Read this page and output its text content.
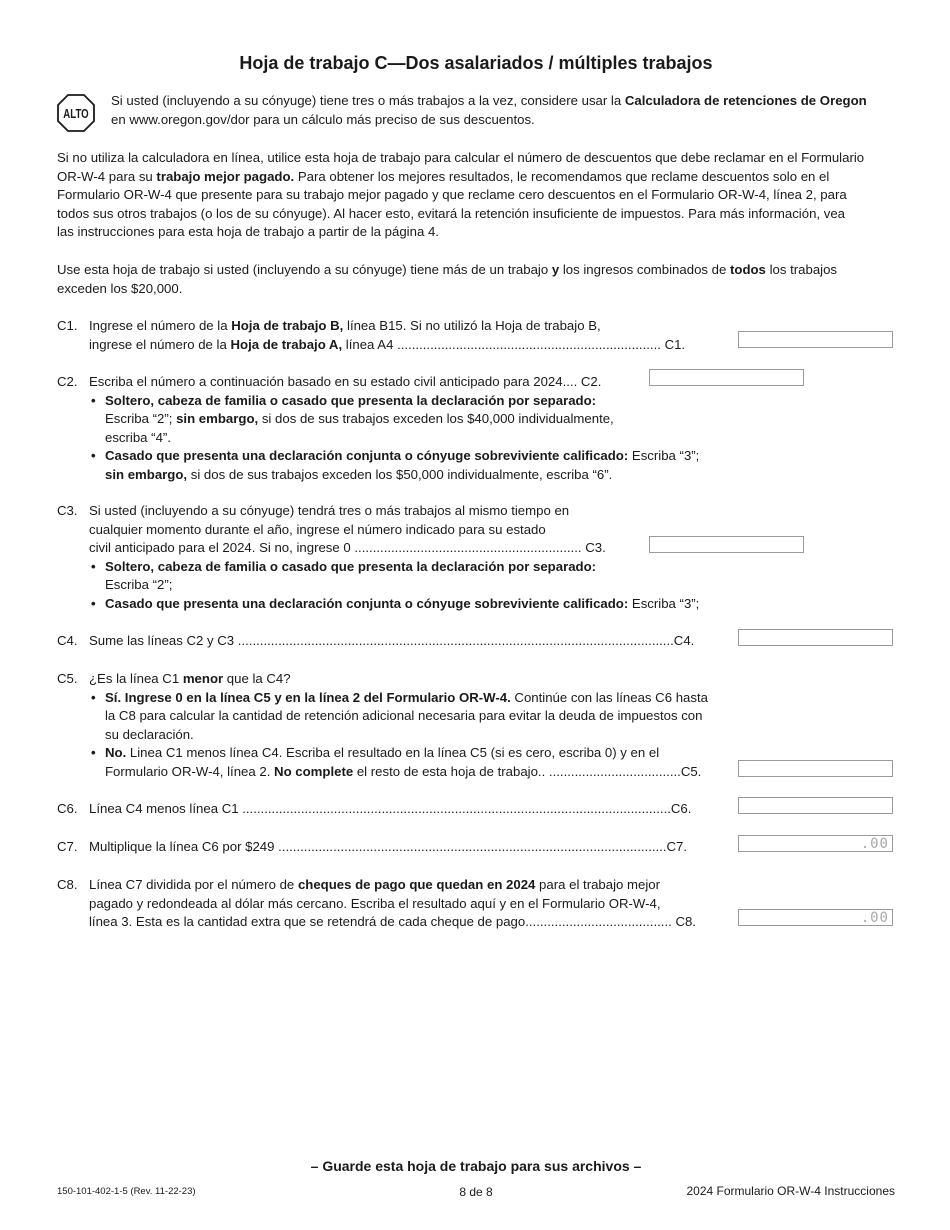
Hoja de trabajo C—Dos asalariados / múltiples trabajos
ALTO
Si usted (incluyendo a su cónyuge) tiene tres o más trabajos a la vez, considere usar la Calculadora de retenciones de Oregon
en www.oregon.gov/dor para un cálculo más preciso de sus descuentos.
Si no utiliza la calculadora en línea, utilice esta hoja de trabajo para calcular el número de descuentos que debe reclamar en el Formulario
OR-W-4 para su trabajo mejor pagado. Para obtener los mejores resultados, le recomendamos que reclame descuentos solo en el
Formulario OR-W-4 que presente para su trabajo mejor pagado y que reclame cero descuentos en el Formulario OR-W-4, línea 2, para
todos sus otros trabajos (o los de su cónyuge). Al hacer esto, evitará la retención insuficiente de impuestos. Para más información, vea
las instrucciones para esta hoja de trabajo a partir de la página 4.
Use esta hoja de trabajo si usted (incluyendo a su cónyuge) tiene más de un trabajo y los ingresos combinados de todos los trabajos
exceden los $20,000.
C1. Ingrese el número de la Hoja de trabajo B, línea B15. Si no utilizó la Hoja de trabajo B,
ingrese el número de la Hoja de trabajo A, línea A4 ........................................................................ C1.
C2. Escriba el número a continuación basado en su estado civil anticipado para 2024.... C2.
• Soltero, cabeza de familia o casado que presenta la declaración por separado:
Escriba “2”; sin embargo, si dos de sus trabajos exceden los $40,000 individualmente,
escriba “4”.
• Casado que presenta una declaración conjunta o cónyuge sobreviviente calificado: Escriba “3”;
sin embargo, si dos de sus trabajos exceden los $50,000 individualmente, escriba “6”.
C3. Si usted (incluyendo a su cónyuge) tendrá tres o más trabajos al mismo tiempo en
cualquier momento durante el año, ingrese el número indicado para su estado
civil anticipado para el 2024. Si no, ingrese 0 .............................................................. C3.
• Soltero, cabeza de familia o casado que presenta la declaración por separado:
Escriba “2”;
• Casado que presenta una declaración conjunta o cónyuge sobreviviente calificado: Escriba “3”;
C4. Sume las líneas C2 y C3 .......................................................................................................................C4.
C5. ¿Es la línea C1 menor que la C4?
• Sí. Ingrese 0 en la línea C5 y en la línea 2 del Formulario OR-W-4. Continúe con las líneas C6 hasta
la C8 para calcular la cantidad de retención adicional necesaria para evitar la deuda de impuestos con
su declaración.
• No. Linea C1 menos línea C4. Escriba el resultado en la línea C5 (si es cero, escriba 0) y en el
Formulario OR-W-4, línea 2. No complete el resto de esta hoja de trabajo.. ....................................C5.
C6. Línea C4 menos línea C1 .....................................................................................................................C6.
C7. Multiplique la línea C6 por $249 ..........................................................................................................C7.
.00
C8. Línea C7 dividida por el número de cheques de pago que quedan en 2024 para el trabajo mejor
pagado y redondeada al dólar más cercano. Escriba el resultado aquí y en el Formulario OR-W-4,
línea 3. Esta es la cantidad extra que se retendrá de cada cheque de pago........................................ C8.
.00
– Guarde esta hoja de trabajo para sus archivos –
150-101-402-1-5 (Rev. 11-22-23)	8 de 8	2024 Formulario OR-W-4 Instrucciones
